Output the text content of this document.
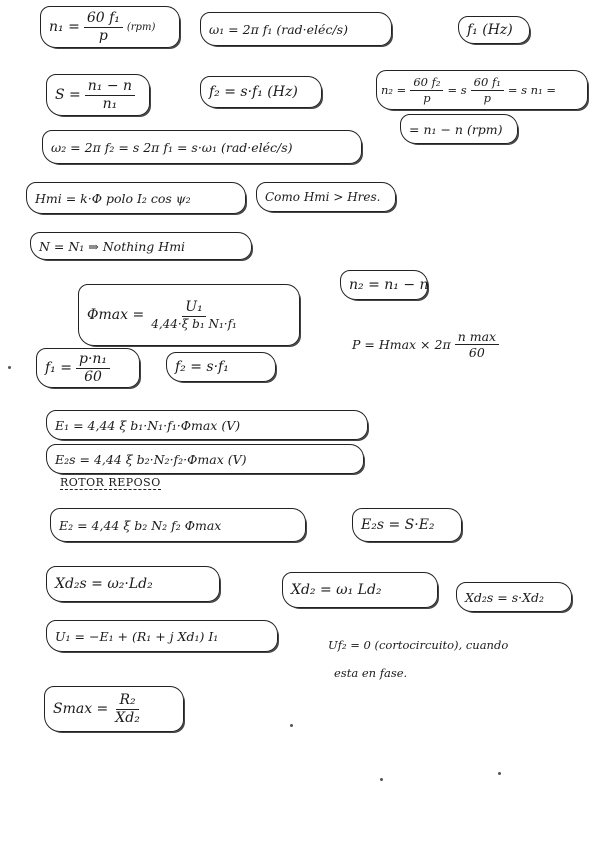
$n_1 = \frac{\text{60 f₁}}{p} (rpm)$	ω₁ = 2π f₁ (rad·eléc/s)	f₁ (Hz)
$S = \frac{\text{n₁ − n}}{\text{n₁}}$	f₂ = s·f₁ (Hz)	$n_2 = \frac{\text{60 f₂}}{p} = s \frac{\text{60 f₁}}{p} = s$ n₁ =
= n₁ − n (rpm)
ω₂ = 2π f₂ = s 2π f₁ = s·ω₁ (rad·eléc/s)
Hmi = k·Φ polo I₂ cos ψ₂	Como Hmi > Hres.
N = N₁ ⇒ Nothing Hmi
$\Phi\max = \frac{\text{U₁}}{\text{4,44·ξ b₁ N₁·f₁}}$
n₂ = n₁ − n
$P = Hmax \times 2\pi \frac{\text{n max}}{60}$
$f_1 = \frac{\text{p·n₁}}{60}$	f₂ = s·f₁
E₁ = 4,44 ξ b₁·N₁·f₁·Φmax (V)
E₂s = 4,44 ξ b₂·N₂·f₂·Φmax (V)
ROTOR REPOSO
E₂ = 4,44 ξ b₂ N₂ f₂ Φmax	E₂s = S·E₂
Xd₂s = ω₂·Ld₂	Xd₂ = ω₁ Ld₂	Xd₂s = s·Xd₂
U₁ = −E₁ + (R₁ + j Xd₁) I₁
Uf₂ = 0 (cortocircuito), cuando
esta en fase.
$Smax = \frac{\text{R₂}}{\text{Xd₂}}$
